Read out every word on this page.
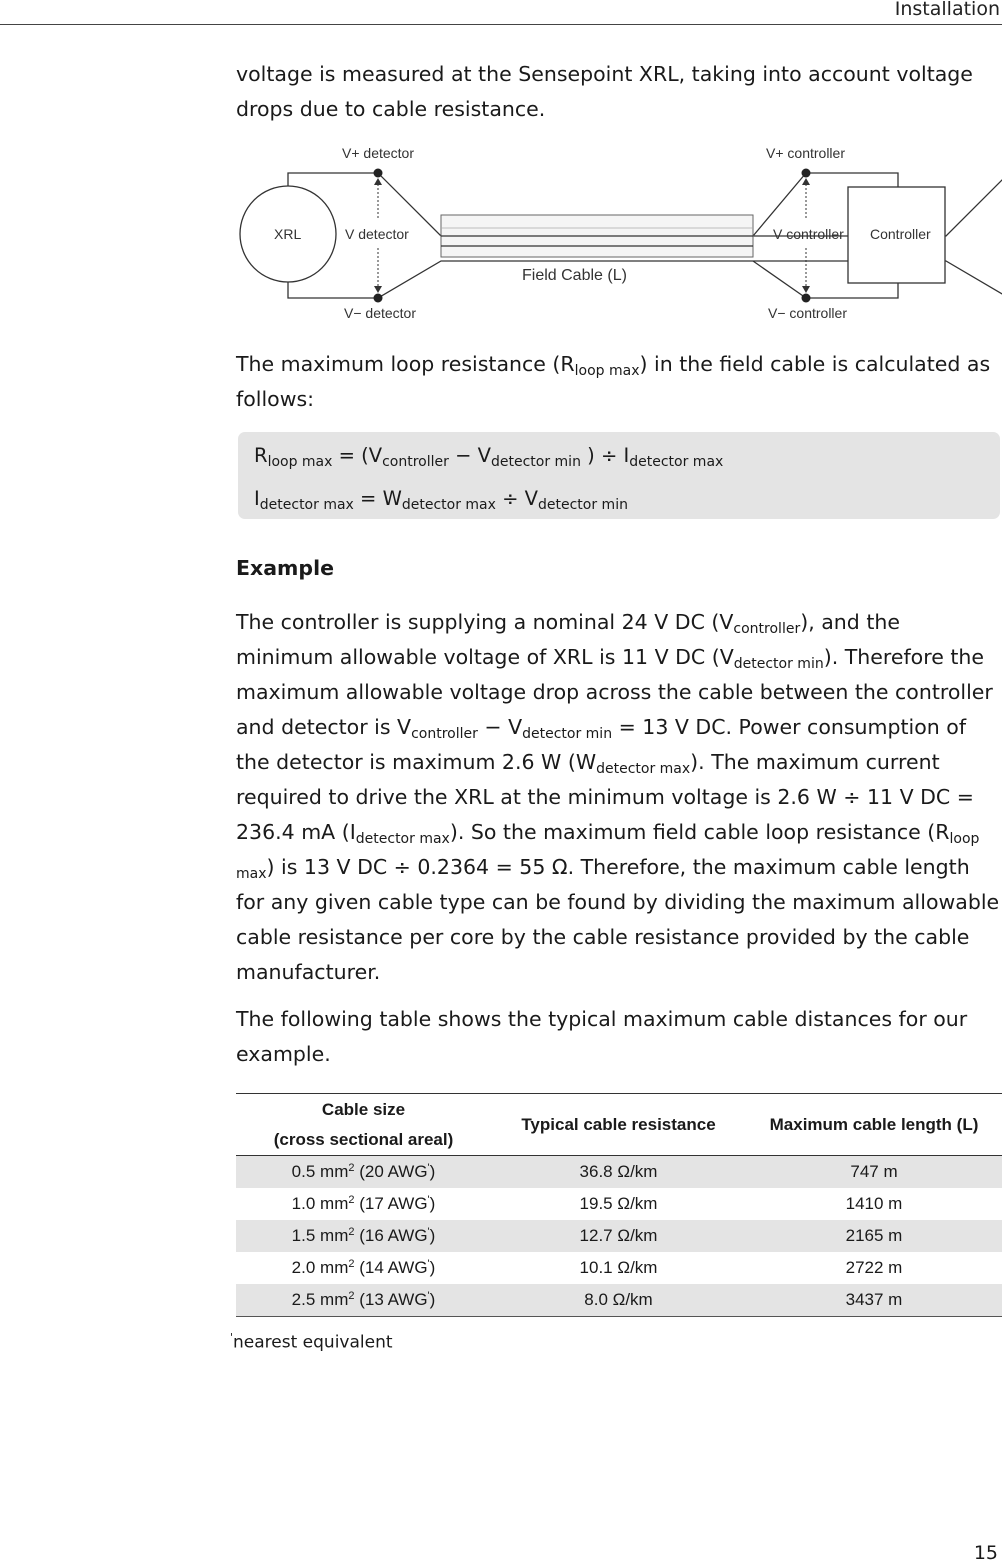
Installation

voltage is measured at the Sensepoint XRL, taking into account voltage drops due to cable resistance.

XRL
V+ detector
V detector
V− detector
Field Cable (L)
V+ controller
V controller
V− controller
Controller

The maximum loop resistance $(R_{loop max})$ in the field cable is calculated as follows:

$R_{loop max} = (V_{controller} - V_{detector min}$ ) ÷ $I_{detector max}$
$I_{detector max} = W_{detector max} \div V_{detector min}$
Example

The controller is supplying a nominal 24 V DC $(V_{controller})$, and the minimum allowable voltage of XRL is 11 V DC $(V_{detector min})$. Therefore the maximum allowable voltage drop across the cable between the controller and detector is $V_{controller} - V_{detector min} = 13$ V DC. Power consumption of the detector is maximum 2.6 W $(W_{detector max})$. The maximum current required to drive the XRL at the minimum voltage is 2.6 W ÷ 11 V DC = 236.4 mA $(I_{detector max})$. So the maximum field cable loop resistance $(R_{loop max})$ is 13 V DC ÷ 0.2364 = 55 Ω. Therefore, the maximum cable length for any given cable type can be found by dividing the maximum allowable cable resistance per core by the cable resistance provided by the cable manufacturer.

The following table shows the typical maximum cable distances for our example.

Cable size
(cross sectional areal)	Typical cable resistance	Maximum cable length (L)
0.5 $mm^2$ (20 AWG')	36.8 Ω/km	747 m
1.0 $mm^2$ (17 AWG')	19.5 Ω/km	1410 m
1.5 $mm^2$ (16 AWG')	12.7 Ω/km	2165 m
2.0 $mm^2$ (14 AWG')	10.1 Ω/km	2722 m
2.5 $mm^2$ (13 AWG')	8.0 Ω/km	3437 m
'nearest equivalent
15
